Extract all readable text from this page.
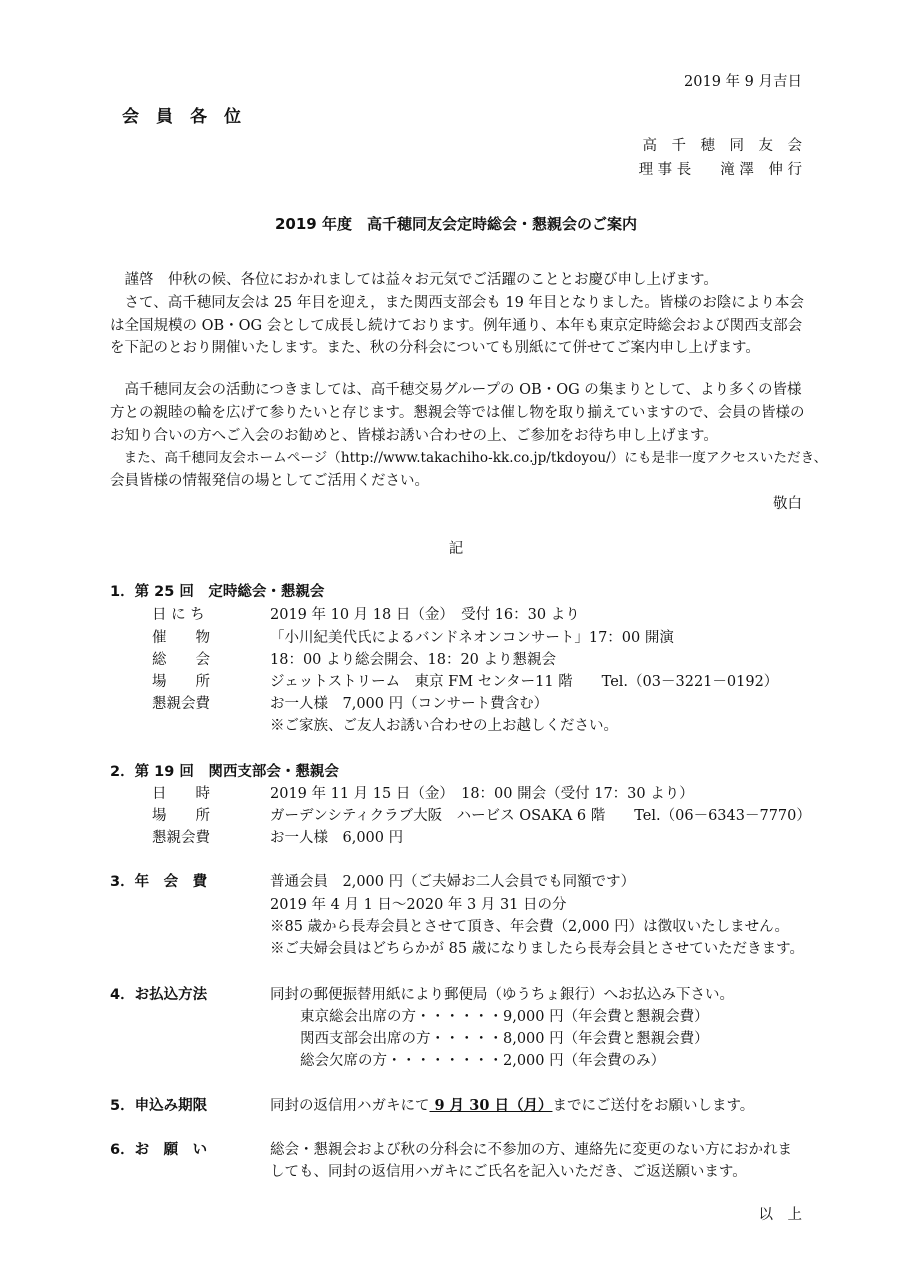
2019 年 9 月吉日
会　員　各　位
高　千　穂　同　友　会
理 事 長　　滝 澤　伸 行
2019 年度　高千穂同友会定時総会・懇親会のご案内
　謹啓　仲秋の候、各位におかれましては益々お元気でご活躍のこととお慶び申し上げます。
　さて、高千穂同友会は 25 年目を迎え，また関西支部会も 19 年目となりました。皆様のお陰により本会
は全国規模の OB・OG 会として成長し続けております。例年通り、本年も東京定時総会および関西支部会
を下記のとおり開催いたします。また、秋の分科会についても別紙にて併せてご案内申し上げます。
　高千穂同友会の活動につきましては、高千穂交易グループの OB・OG の集まりとして、より多くの皆様
方との親睦の輪を広げて参りたいと存じます。懇親会等では催し物を取り揃えていますので、会員の皆様の
お知り合いの方へご入会のお勧めと、皆様お誘い合わせの上、ご参加をお待ち申し上げます。
　また、高千穂同友会ホームページ（http://www.takachiho-kk.co.jp/tkdoyou/）にも是非一度アクセスいただき、
会員皆様の情報発信の場としてご活用ください。
敬白
記
1．第 25 回　定時総会・懇親会
日 に ち	2019 年 10 月 18 日（金）　受付 16：30 より
催　　物	「小川紀美代氏によるバンドネオンコンサート」17：00 開演
総　　会	18：00 より総会開会、18：20 より懇親会
場　　所	ジェットストリーム　東京 FM センター11 階　　Tel.（03－3221－0192）
懇親会費	お一人様　7,000 円（コンサート費含む）
※ご家族、ご友人お誘い合わせの上お越しください。
2．第 19 回　関西支部会・懇親会
日　　時	2019 年 11 月 15 日（金）　18：00 開会（受付 17：30 より）
場　　所	ガーデンシティクラブ大阪　ハービス OSAKA 6 階　　Tel.（06－6343－7770）
懇親会費	お一人様　6,000 円
3．年　会　費	普通会員　2,000 円（ご夫婦お二人会員でも同額です）
2019 年 4 月 1 日～2020 年 3 月 31 日の分
※85 歳から長寿会員とさせて頂き、年会費（2,000 円）は徴収いたしません。
※ご夫婦会員はどちらかが 85 歳になりましたら長寿会員とさせていただきます。
4．お払込方法	同封の郵便振替用紙により郵便局（ゆうちょ銀行）へお払込み下さい。
東京総会出席の方・・・・・・9,000 円（年会費と懇親会費）
関西支部会出席の方・・・・・8,000 円（年会費と懇親会費）
総会欠席の方・・・・・・・・2,000 円（年会費のみ）
5．申込み期限	同封の返信用ハガキにて 9 月 30 日（月）までにご送付をお願いします。
6．お　願　い	総会・懇親会および秋の分科会に不参加の方、連絡先に変更のない方におかれま
しても、同封の返信用ハガキにご氏名を記入いただき、ご返送願います。
以　上
